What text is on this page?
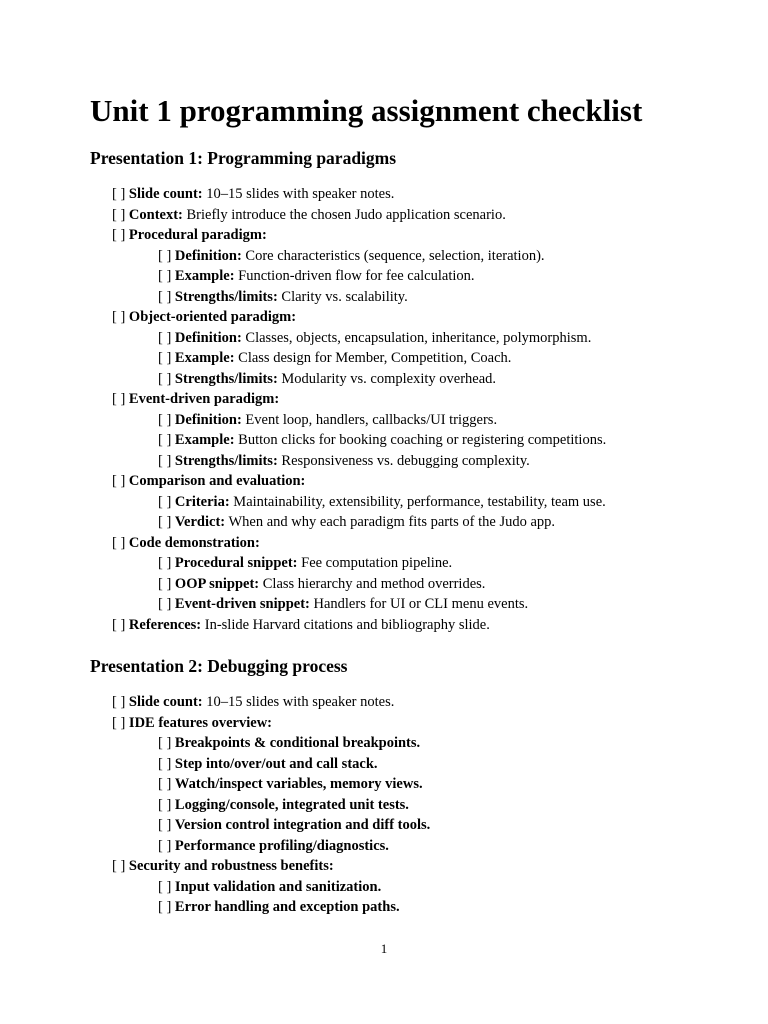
Unit 1 programming assignment checklist
Presentation 1: Programming paradigms
[ ] Slide count: 10–15 slides with speaker notes.
[ ] Context: Briefly introduce the chosen Judo application scenario.
[ ] Procedural paradigm:
[ ] Definition: Core characteristics (sequence, selection, iteration).
[ ] Example: Function-driven flow for fee calculation.
[ ] Strengths/limits: Clarity vs. scalability.
[ ] Object-oriented paradigm:
[ ] Definition: Classes, objects, encapsulation, inheritance, polymorphism.
[ ] Example: Class design for Member, Competition, Coach.
[ ] Strengths/limits: Modularity vs. complexity overhead.
[ ] Event-driven paradigm:
[ ] Definition: Event loop, handlers, callbacks/UI triggers.
[ ] Example: Button clicks for booking coaching or registering competitions.
[ ] Strengths/limits: Responsiveness vs. debugging complexity.
[ ] Comparison and evaluation:
[ ] Criteria: Maintainability, extensibility, performance, testability, team use.
[ ] Verdict: When and why each paradigm fits parts of the Judo app.
[ ] Code demonstration:
[ ] Procedural snippet: Fee computation pipeline.
[ ] OOP snippet: Class hierarchy and method overrides.
[ ] Event-driven snippet: Handlers for UI or CLI menu events.
[ ] References: In-slide Harvard citations and bibliography slide.
Presentation 2: Debugging process
[ ] Slide count: 10–15 slides with speaker notes.
[ ] IDE features overview:
[ ] Breakpoints & conditional breakpoints.
[ ] Step into/over/out and call stack.
[ ] Watch/inspect variables, memory views.
[ ] Logging/console, integrated unit tests.
[ ] Version control integration and diff tools.
[ ] Performance profiling/diagnostics.
[ ] Security and robustness benefits:
[ ] Input validation and sanitization.
[ ] Error handling and exception paths.
1
